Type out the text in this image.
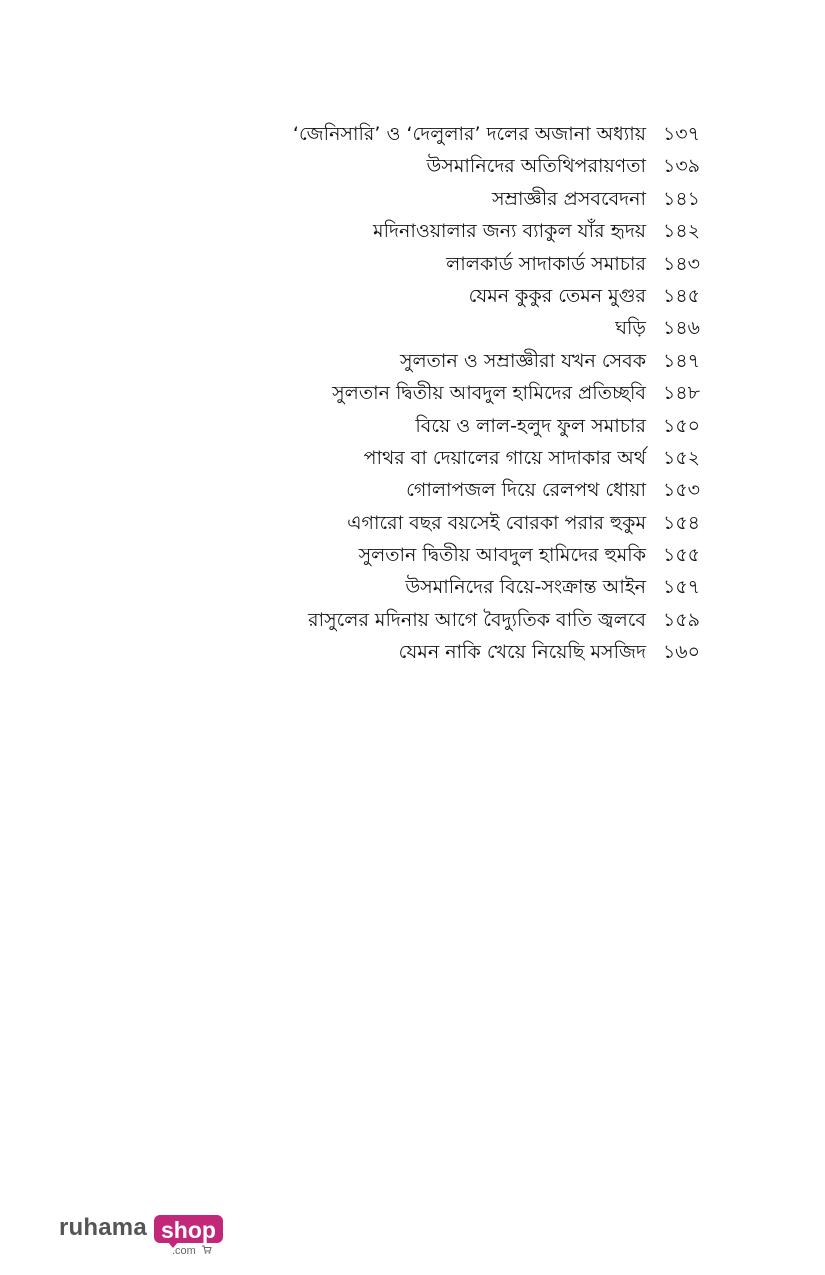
‘জেনিসারি’ ও ‘দেলুলার’ দলের অজানা অধ্যায় ১৩৭
উসমানিদের অতিথিপরায়ণতা ১৩৯
সম্রাজ্ঞীর প্রসববেদনা ১৪১
মদিনাওয়ালার জন্য ব্যাকুল যাঁর হৃদয় ১৪২
লালকার্ড সাদাকার্ড সমাচার ১৪৩
যেমন কুকুর তেমন মুগুর ১৪৫
ঘড়ি ১৪৬
সুলতান ও সম্রাজ্ঞীরা যখন সেবক ১৪৭
সুলতান দ্বিতীয় আবদুল হামিদের প্রতিচ্ছবি ১৪৮
বিয়ে ও লাল-হলুদ ফুল সমাচার ১৫০
পাথর বা দেয়ালের গায়ে সাদাকার অর্থ ১৫২
গোলাপজল দিয়ে রেলপথ ধোয়া ১৫৩
এগারো বছর বয়সেই বোরকা পরার হুকুম ১৫৪
সুলতান দ্বিতীয় আবদুল হামিদের হুমকি ১৫৫
উসমানিদের বিয়ে-সংক্রান্ত আইন ১৫৭
রাসুলের মদিনায় আগে বৈদ্যুতিক বাতি জ্বলবে ১৫৯
যেমন নাকি খেয়ে নিয়েছি মসজিদ ১৬০
ruhama shop
.com
